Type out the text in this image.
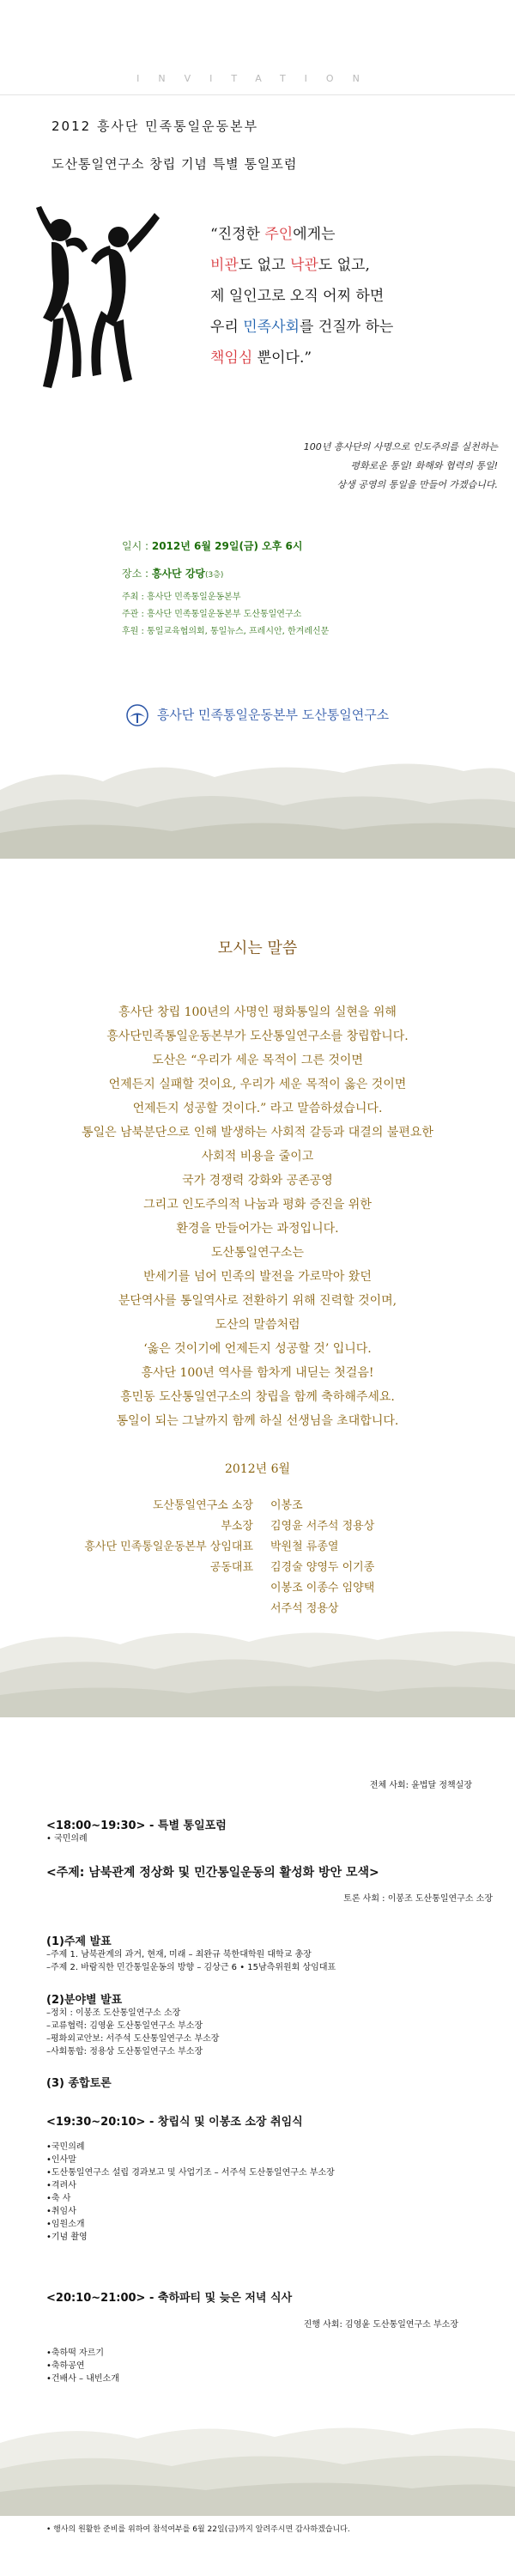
INVITATION
2012 흥사단 민족통일운동본부
도산통일연구소 창립 기념 특별 통일포럼
“진정한 주인에게는
비관도 없고 낙관도 없고,
제 일인고로 오직 어찌 하면
우리 민족사회를 건질까 하는
책임심 뿐이다.”
100년 흥사단의 사명으로 인도주의를 실천하는
평화로운 통일! 화해와 협력의 통일!
상생 공영의 통일을 만들어 가겠습니다.
일시 : 2012년 6월 29일(금) 오후 6시
장소 : 흥사단 강당(3층)
주최 : 흥사단 민족통일운동본부
주관 : 흥사단 민족통일운동본부 도산통일연구소
후원 : 통일교육협의회, 통일뉴스, 프레시안, 한겨레신문
흥사단 민족통일운동본부 도산통일연구소
모시는 말씀
흥사단 창립 100년의 사명인 평화통일의 실현을 위해
흥사단민족통일운동본부가 도산통일연구소를 창립합니다.
도산은 “우리가 세운 목적이 그른 것이면
언제든지 실패할 것이요, 우리가 세운 목적이 옳은 것이면
언제든지 성공할 것이다.” 라고 말씀하셨습니다.
통일은 남북분단으로 인해 발생하는 사회적 갈등과 대결의 불편요한
사회적 비용을 줄이고
국가 경쟁력 강화와 공존공영
그리고 인도주의적 나눔과 평화 증진을 위한
환경을 만들어가는 과정입니다.
도산통일연구소는
반세기를 넘어 민족의 발전을 가로막아 왔던
분단역사를 통일역사로 전환하기 위해 진력할 것이며,
도산의 말씀처럼
‘옳은 것이기에 언제든지 성공할 것’ 입니다.
흥사단 100년 역사를 함차게 내딛는 첫걸음!
흥민동 도산통일연구소의 창립을 함께 축하해주세요.
통일이 되는 그날까지 함께 하실 선생님을 초대합니다.
2012년 6월
도산통일연구소 소장	이봉조
부소장	김영윤 서주석 정용상
흥사단 민족통일운동본부 상임대표	박원철 류종열
공동대표	김경술 양영두 이기종
이봉조 이종수 임양택
서주석 정용상
전체 사회: 윤법달 정책실장
<18:00~19:30> - 특별 통일포럼
• 국민의례
<주제: 남북관계 정상화 및 민간통일운동의 활성화 방안 모색>
토론 사회 : 이봉조 도산통일연구소 소장
(1)주제 발표
–주제 1. 남북관계의 과거, 현재, 미래 – 최완규 북한대학원 대학교 총장
–주제 2. 바람직한 민간통일운동의 방향 – 김상근 6 • 15남측위원회 상임대표
(2)분야별 발표
–정치 : 이봉조 도산통일연구소 소장
–교류협력: 김영윤 도산통일연구소 부소장
–평화외교안보: 서주석 도산통일연구소 부소장
–사회통합: 정용상 도산통일연구소 부소장
(3) 종합토론
<19:30~20:10> - 창립식 및 이봉조 소장 취임식
•국민의례
•인사말
•도산통일연구소 설립 경과보고 및 사업기조 – 서주석 도산통일연구소 부소장
•격려사
•축 사
•취임사
•임원소개
•기념 촬영
<20:10~21:00> - 축하파티 및 늦은 저녁 식사
진행 사회: 김영윤 도산통일연구소 부소장
•축하떡 자르기
•축하공연
•건배사 – 내빈소개
• 행사의 원활한 준비를 위하여 참석여부를 6월 22일(금)까지 알려주시면 감사하겠습니다.
